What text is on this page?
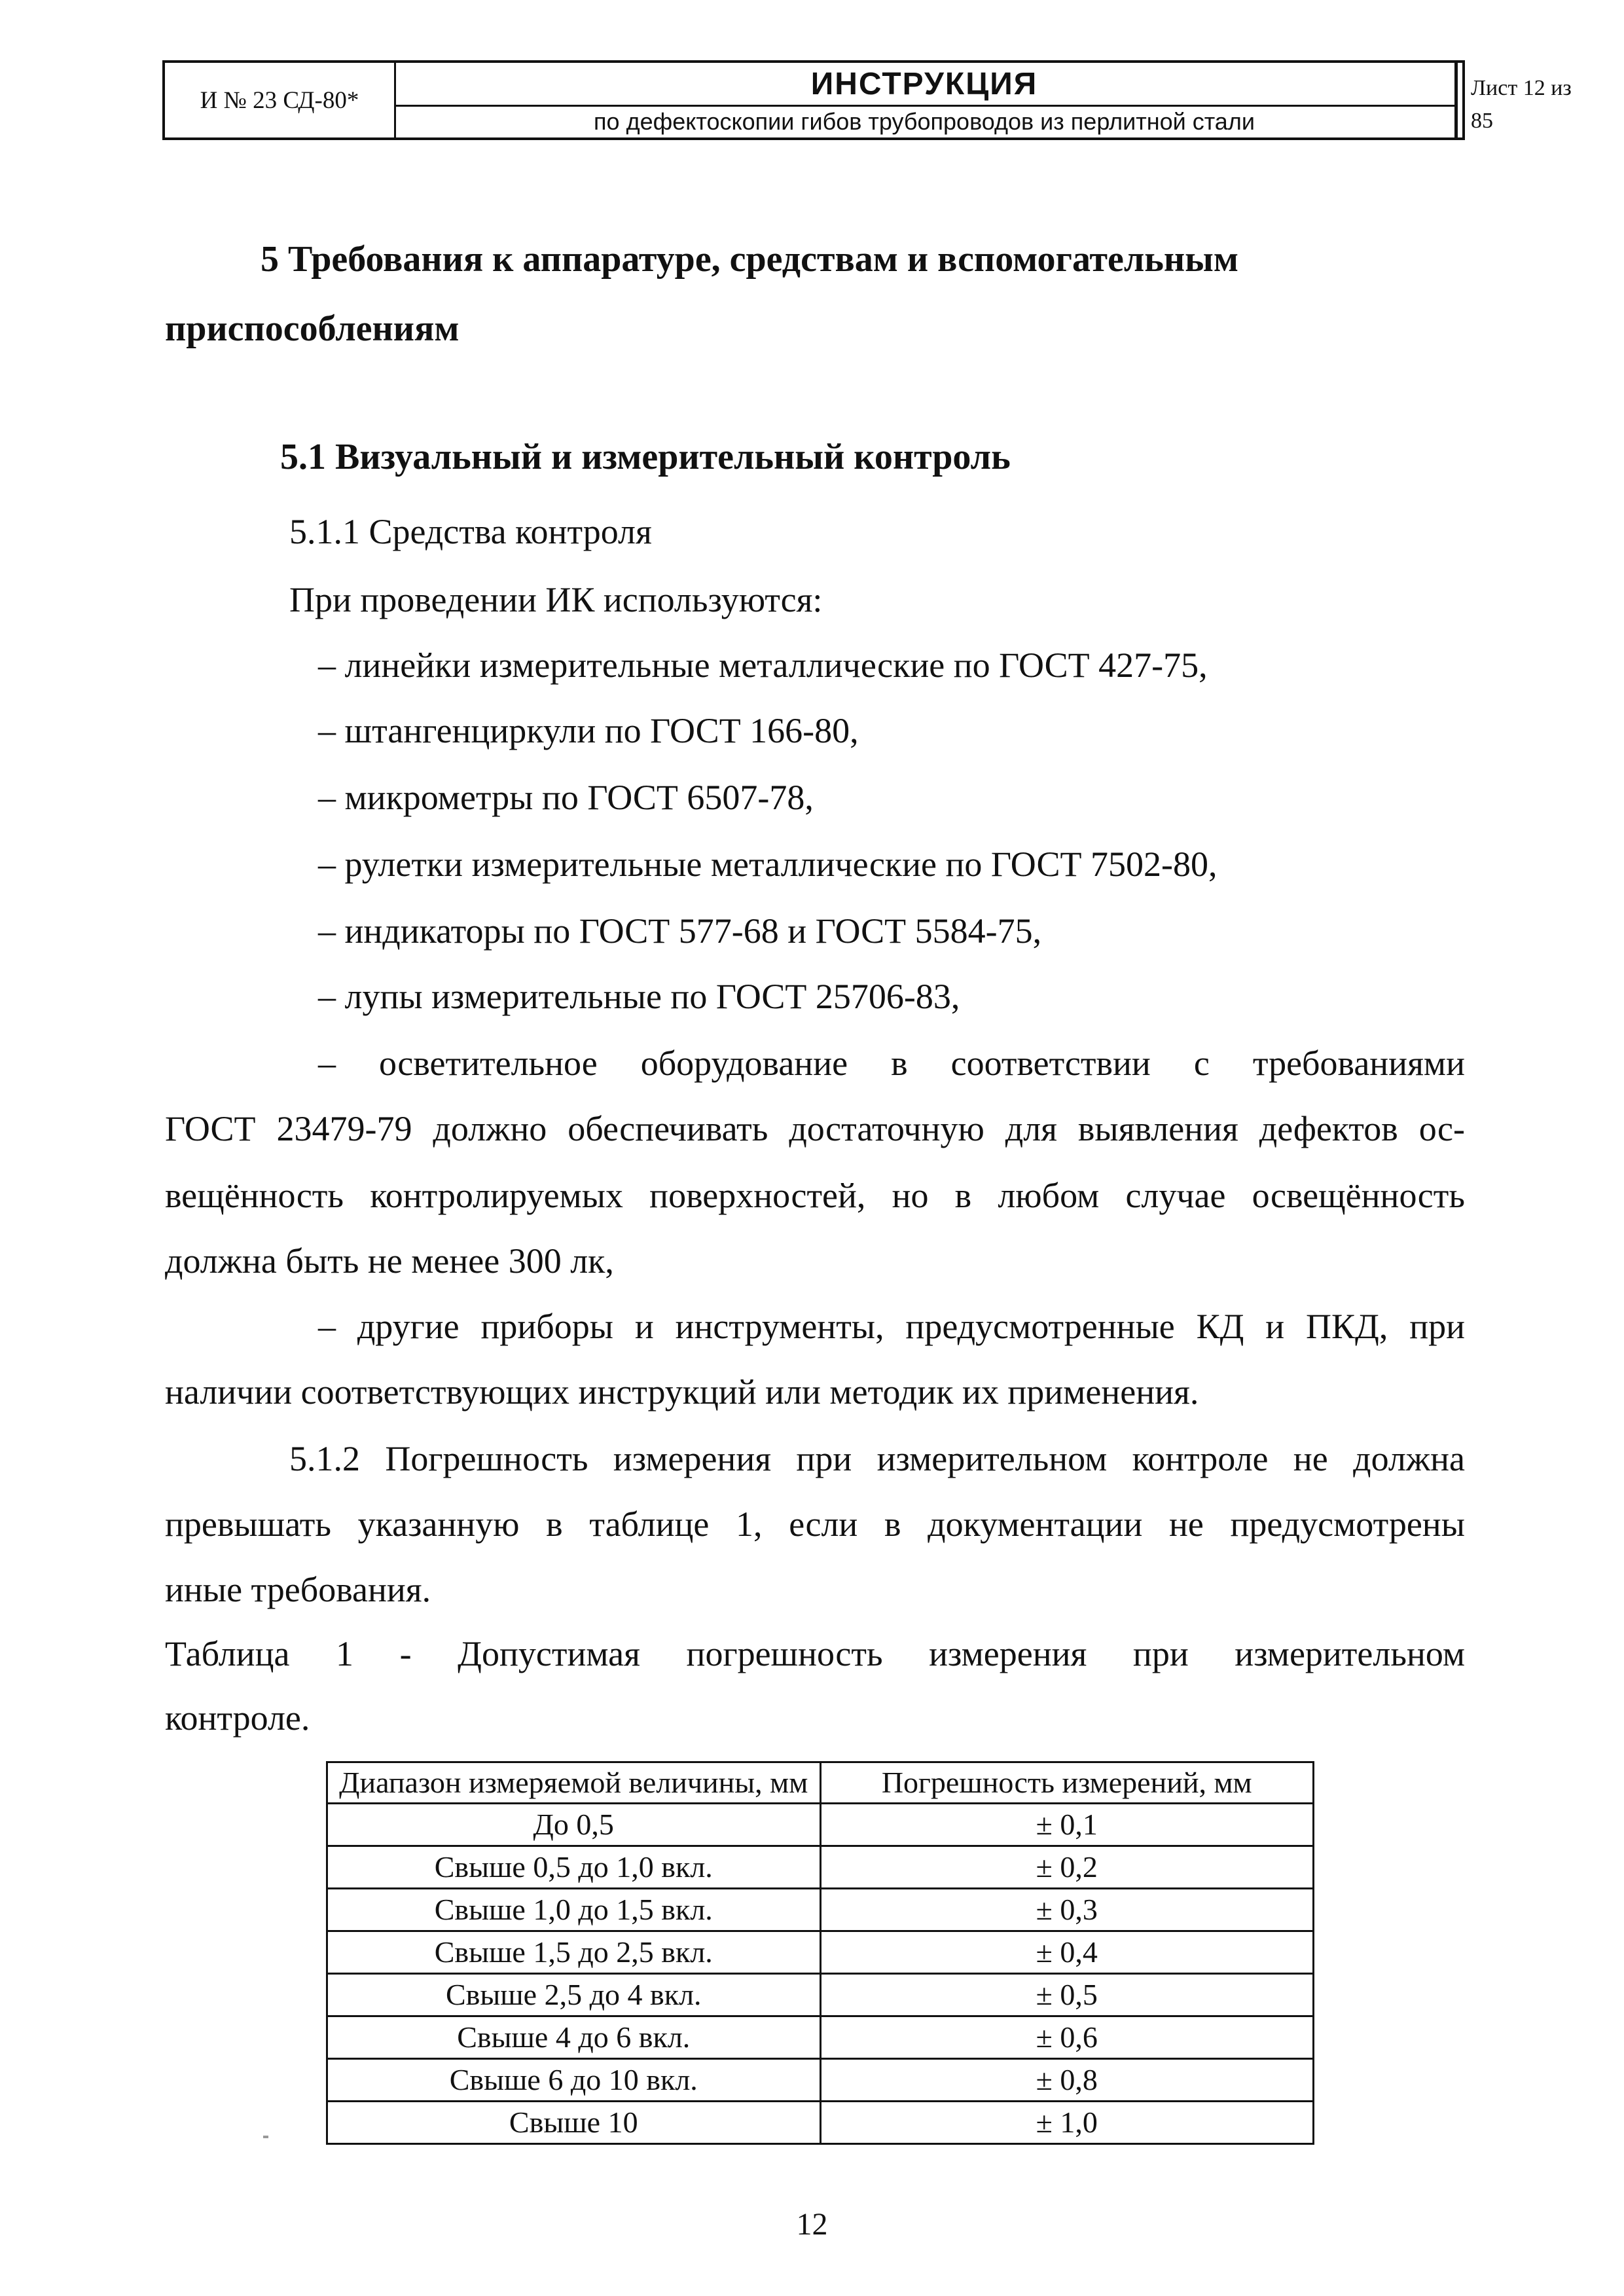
И № 23 СД-80*	ИНСТРУКЦИЯ
по дефектоскопии гибов трубопроводов из перлитной стали
Лист 12 из
85
5 Требования к аппаратуре, средствам и вспомогательным
приспособлениям
5.1 Визуальный и измерительный контроль
5.1.1 Средства контроля
При проведении ИК используются:
– линейки измерительные металлические по ГОСТ 427-75,
– штангенциркули по ГОСТ 166-80,
– микрометры по ГОСТ 6507-78,
– рулетки измерительные металлические по ГОСТ 7502-80,
– индикаторы по ГОСТ 577-68 и ГОСТ 5584-75,
– лупы измерительные по ГОСТ 25706-83,
– осветительное оборудование в соответствии с требованиями
ГОСТ 23479-79 должно обеспечивать достаточную для выявления дефектов ос-
вещённость контролируемых поверхностей, но в любом случае освещённость
должна быть не менее 300 лк,
– другие приборы и инструменты, предусмотренные КД и ПКД, при
наличии соответствующих инструкций или методик их применения.
5.1.2 Погрешность измерения при измерительном контроле не должна
превышать указанную в таблице 1, если в документации не предусмотрены
иные требования.
Таблица 1 - Допустимая погрешность измерения при измерительном
контроле.
Диапазон измеряемой величины, мм	Погрешность измерений, мм
До 0,5	± 0,1
Свыше 0,5 до 1,0 вкл.	± 0,2
Свыше 1,0 до 1,5 вкл.	± 0,3
Свыше 1,5 до 2,5 вкл.	± 0,4
Свыше 2,5 до 4 вкл.	± 0,5
Свыше 4 до 6 вкл.	± 0,6
Свыше 6 до 10 вкл.	± 0,8
Свыше 10	± 1,0
12
